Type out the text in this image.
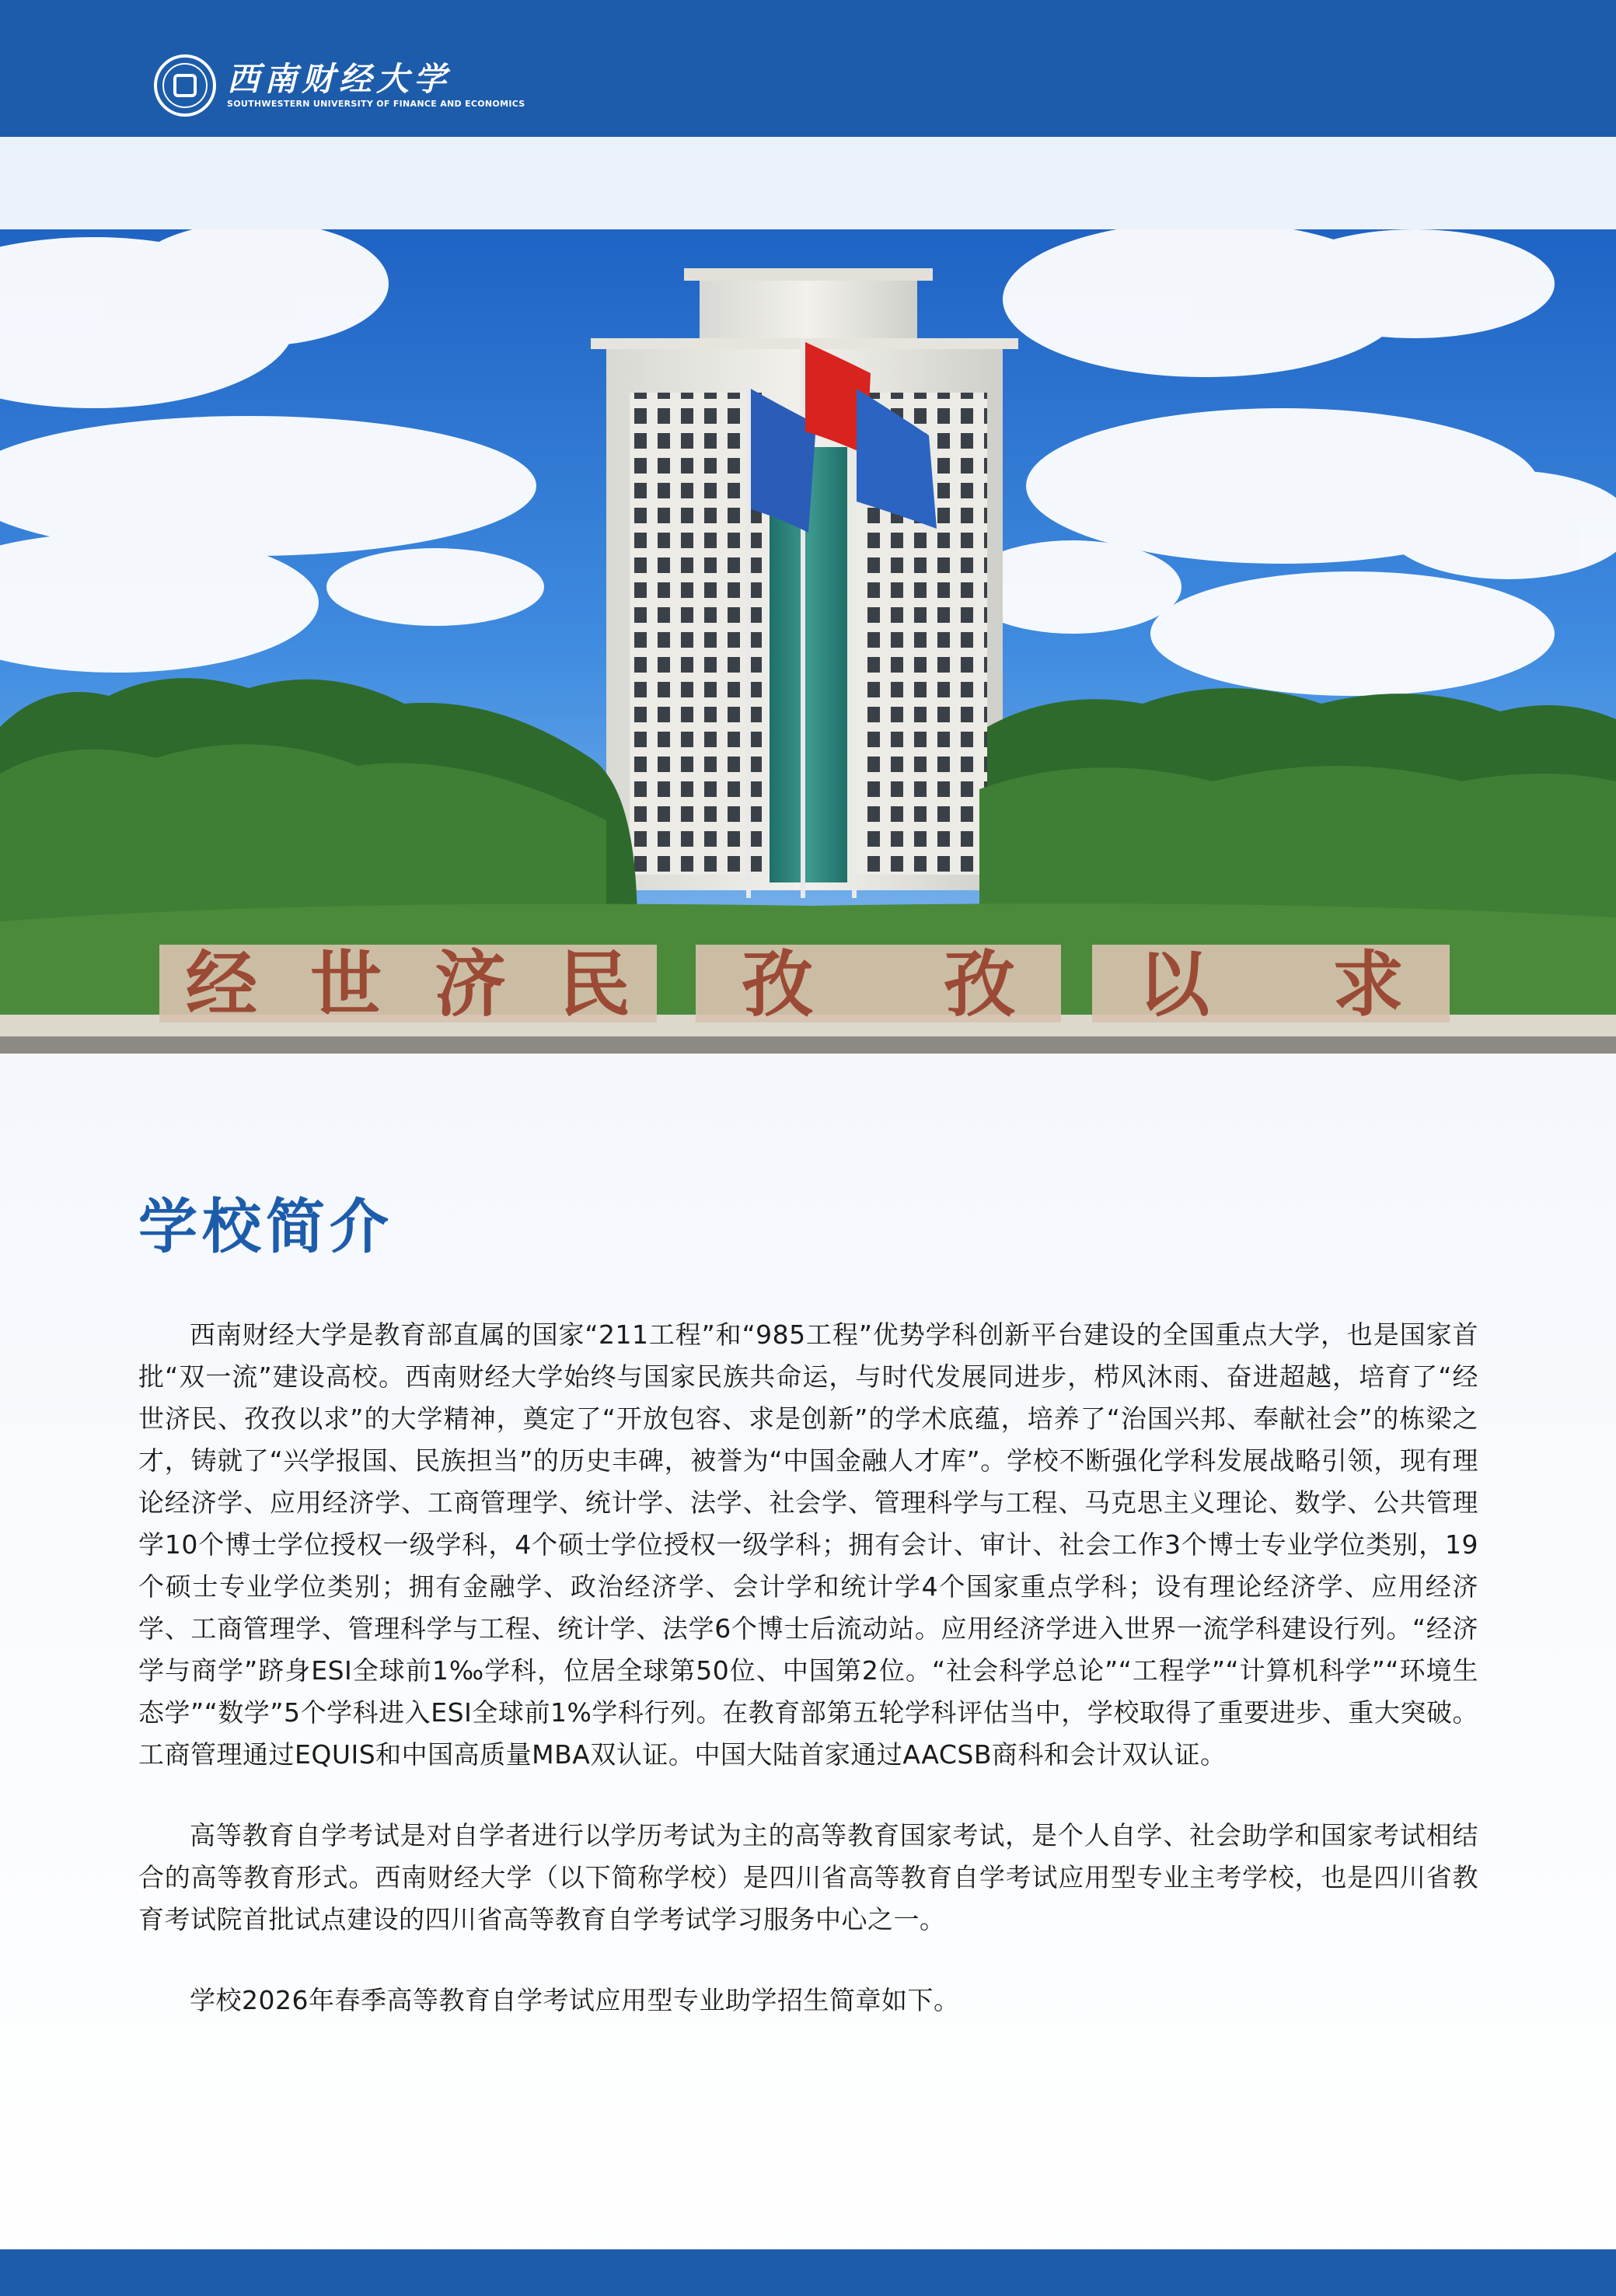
西南财经大学
SOUTHWESTERN UNIVERSITY OF FINANCE AND ECONOMICS
经 世 济 民 孜 孜 以 求
学校简介

西南财经大学是教育部直属的国家“211工程”和“985工程”优势学科创新平台建设的全国重点大学，也是国家首批“双一流”建设高校。西南财经大学始终与国家民族共命运，与时代发展同进步，栉风沐雨、奋进超越，培育了“经世济民、孜孜以求”的大学精神，奠定了“开放包容、求是创新”的学术底蕴，培养了“治国兴邦、奉献社会”的栋梁之才，铸就了“兴学报国、民族担当”的历史丰碑，被誉为“中国金融人才库”。学校不断强化学科发展战略引领，现有理论经济学、应用经济学、工商管理学、统计学、法学、社会学、管理科学与工程、马克思主义理论、数学、公共管理学10个博士学位授权一级学科，4个硕士学位授权一级学科；拥有会计、审计、社会工作3个博士专业学位类别，19个硕士专业学位类别；拥有金融学、政治经济学、会计学和统计学4个国家重点学科；设有理论经济学、应用经济学、工商管理学、管理科学与工程、统计学、法学6个博士后流动站。应用经济学进入世界一流学科建设行列。“经济学与商学”跻身ESI全球前1‰学科，位居全球第50位、中国第2位。“社会科学总论”“工程学”“计算机科学”“环境生态学”“数学”5个学科进入ESI全球前1%学科行列。在教育部第五轮学科评估当中，学校取得了重要进步、重大突破。工商管理通过EQUIS和中国高质量MBA双认证。中国大陆首家通过AACSB商科和会计双认证。

高等教育自学考试是对自学者进行以学历考试为主的高等教育国家考试，是个人自学、社会助学和国家考试相结合的高等教育形式。西南财经大学（以下简称学校）是四川省高等教育自学考试应用型专业主考学校，也是四川省教育考试院首批试点建设的四川省高等教育自学考试学习服务中心之一。

学校2026年春季高等教育自学考试应用型专业助学招生简章如下。
